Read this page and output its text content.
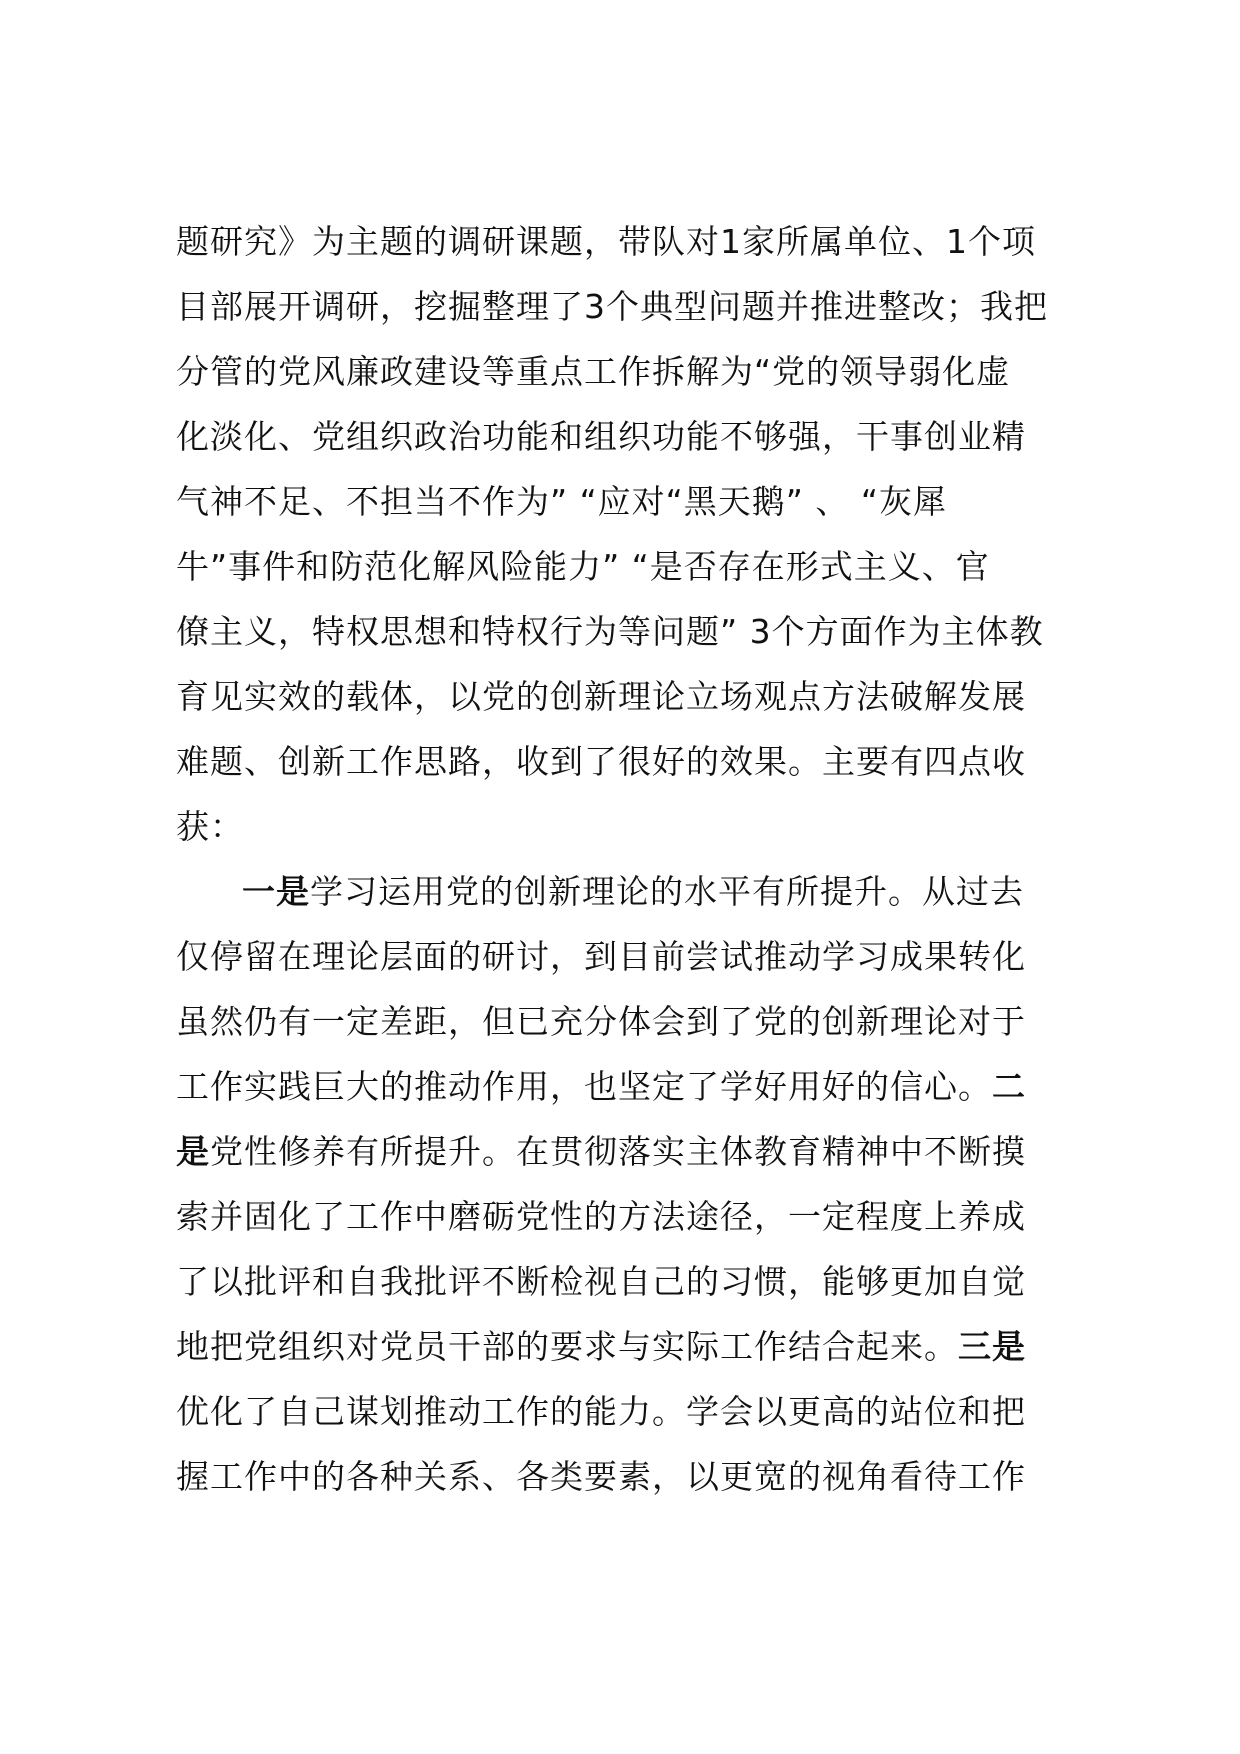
题研究》为主题的调研课题，带队对1家所属单位、1个项
目部展开调研，挖掘整理了3个典型问题并推进整改；我把
分管的党风廉政建设等重点工作拆解为“党的领导弱化虚
化淡化、党组织政治功能和组织功能不够强，干事创业精
气神不足、不担当不作为” “应对“黑天鹅” 、 “灰犀
牛”事件和防范化解风险能力” “是否存在形式主义、官
僚主义，特权思想和特权行为等问题” 3个方面作为主体教
育见实效的载体，以党的创新理论立场观点方法破解发展
难题、创新工作思路，收到了很好的效果。主要有四点收
获：
一是学习运用党的创新理论的水平有所提升。从过去
仅停留在理论层面的研讨，到目前尝试推动学习成果转化
虽然仍有一定差距，但已充分体会到了党的创新理论对于
工作实践巨大的推动作用，也坚定了学好用好的信心。二
是党性修养有所提升。在贯彻落实主体教育精神中不断摸
索并固化了工作中磨砺党性的方法途径，一定程度上养成
了以批评和自我批评不断检视自己的习惯，能够更加自觉
地把党组织对党员干部的要求与实际工作结合起来。三是
优化了自己谋划推动工作的能力。学会以更高的站位和把
握工作中的各种关系、各类要素，以更宽的视角看待工作
